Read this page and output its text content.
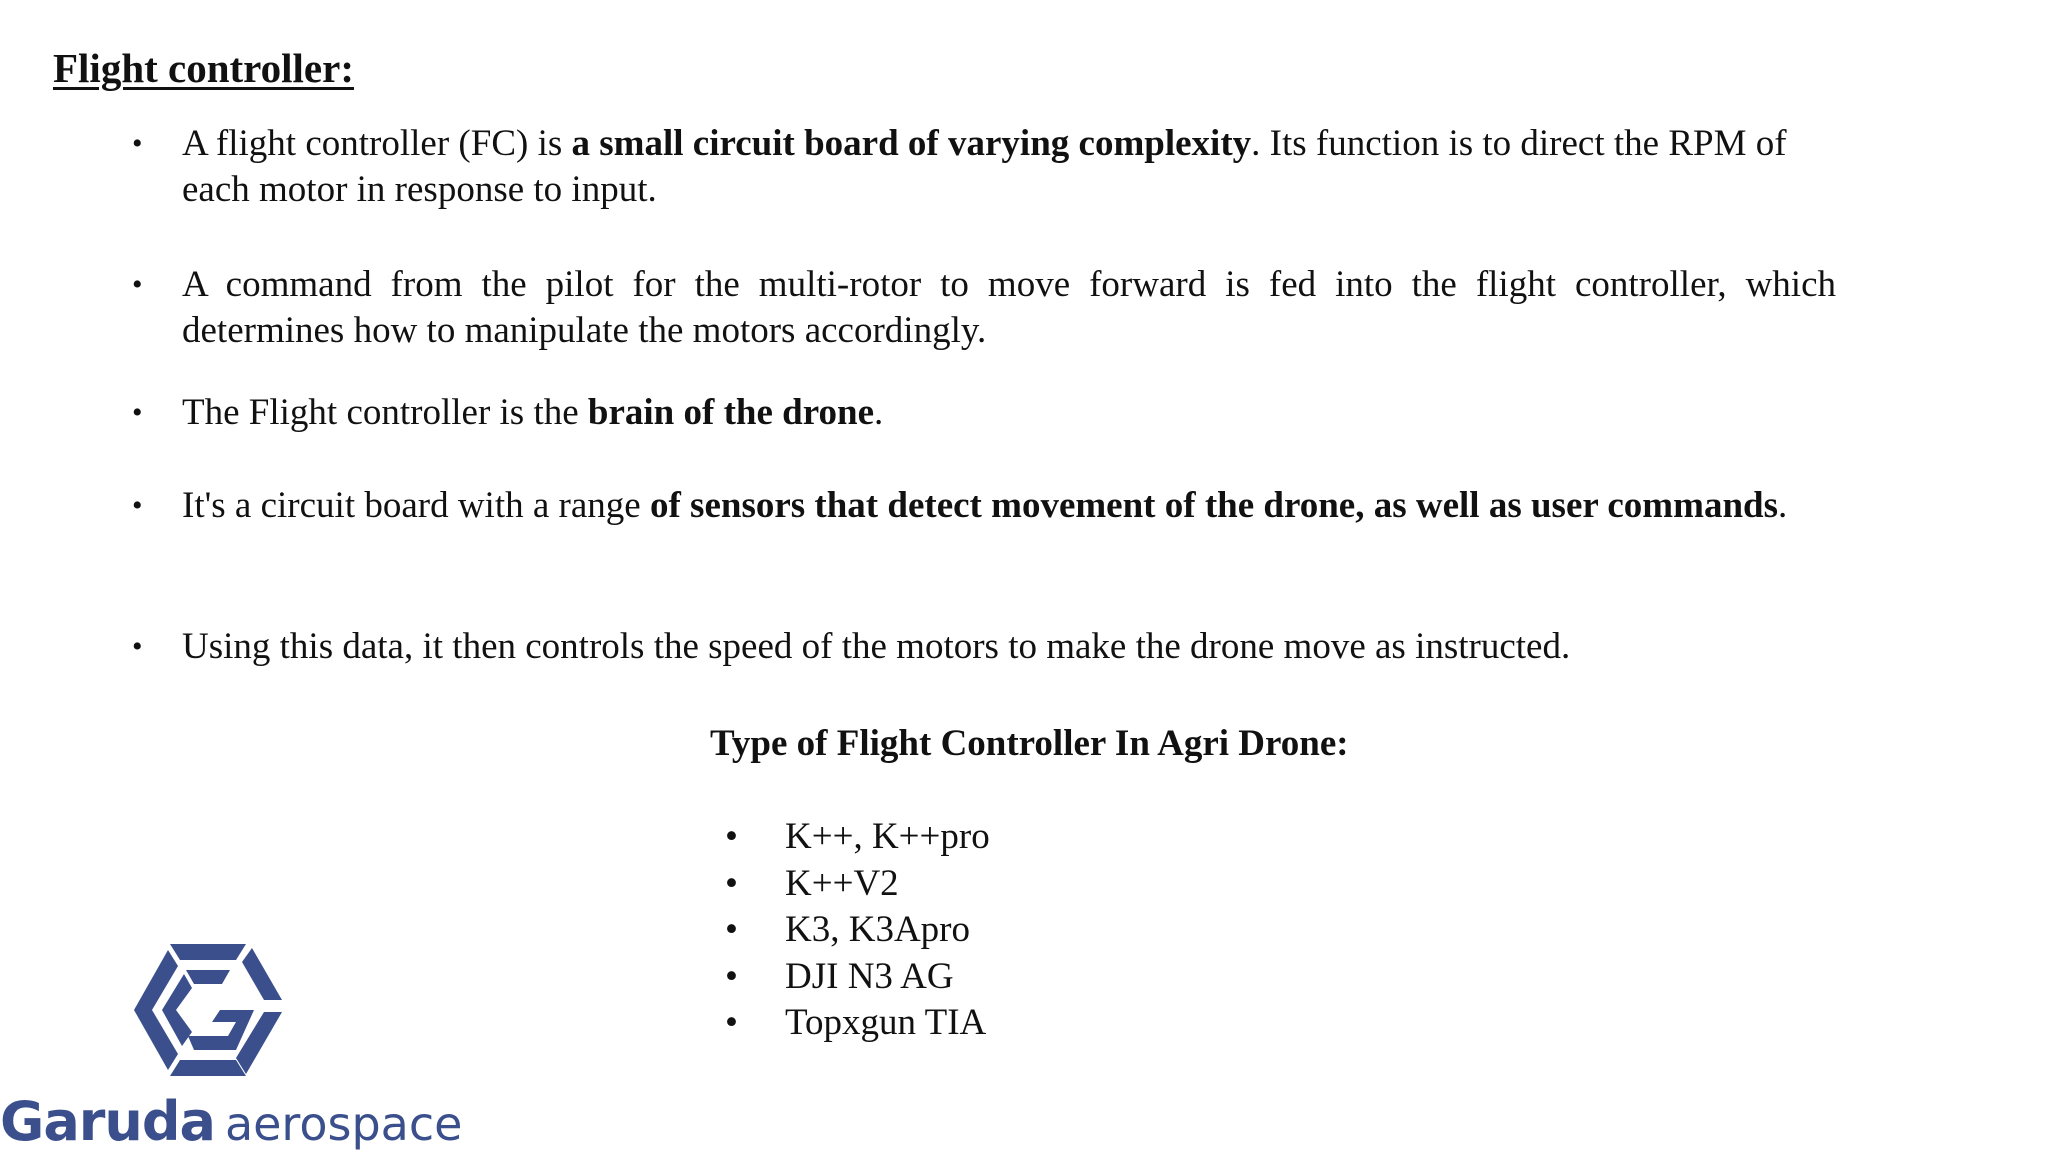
Flight controller:
• A flight controller (FC) is a small circuit board of varying complexity. Its function is to direct the RPM of each motor in response to input.
• A command from the pilot for the multi-rotor to move forward is fed into the flight controller, which determines how to manipulate the motors accordingly.
• The Flight controller is the brain of the drone.
• It's a circuit board with a range of sensors that detect movement of the drone, as well as user commands.
• Using this data, it then controls the speed of the motors to make the drone move as instructed.
Type of Flight Controller In Agri Drone:
• K++, K++pro
• K++V2
• K3, K3Apro
• DJI N3 AG
• Topxgun TIA
Garuda aerospace
